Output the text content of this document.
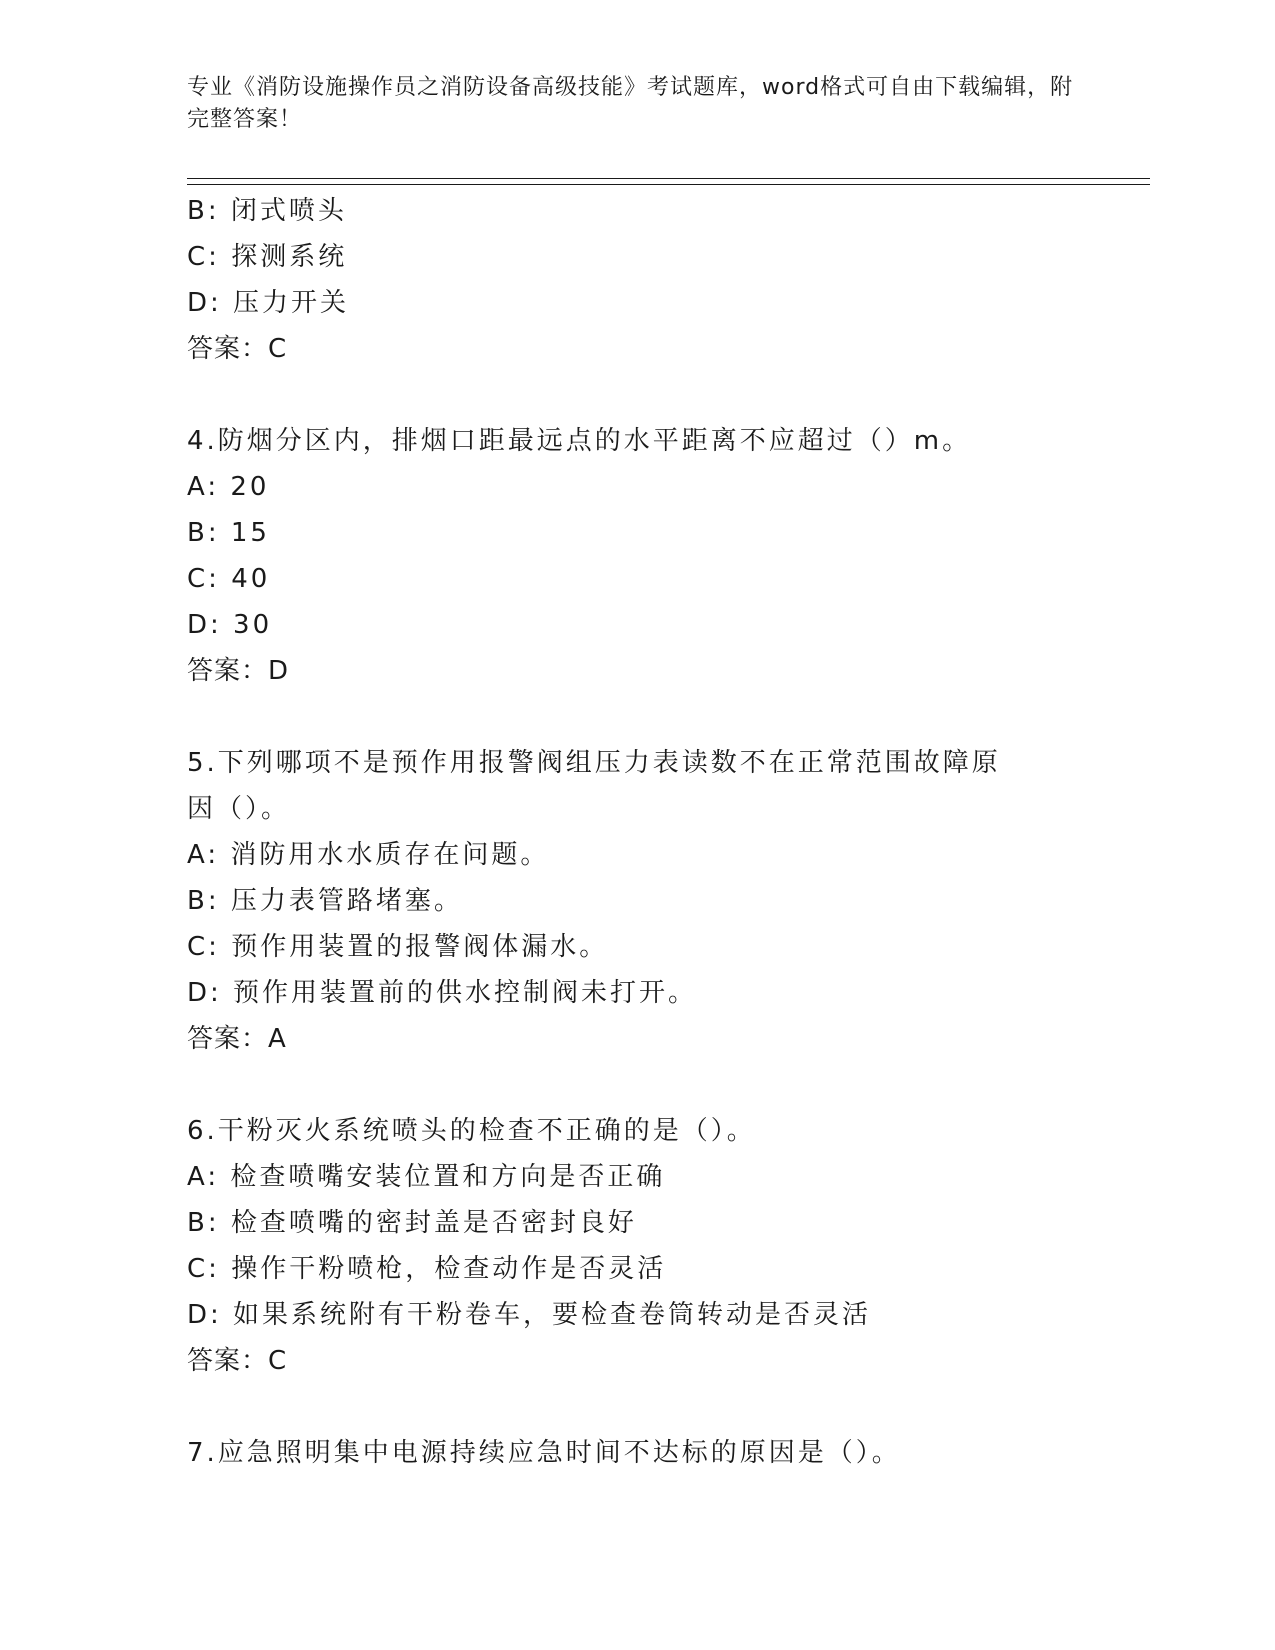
专业《消防设施操作员之消防设备高级技能》考试题库，word格式可自由下载编辑，附完整答案！
B: 闭式喷头
C: 探测系统
D: 压力开关
答案：C
4.防烟分区内，排烟口距最远点的水平距离不应超过（）m。
A: 20
B: 15
C: 40
D: 30
答案：D
5.下列哪项不是预作用报警阀组压力表读数不在正常范围故障原因（）。
A: 消防用水水质存在问题。
B: 压力表管路堵塞。
C: 预作用装置的报警阀体漏水。
D: 预作用装置前的供水控制阀未打开。
答案：A
6.干粉灭火系统喷头的检查不正确的是（）。
A: 检查喷嘴安装位置和方向是否正确
B: 检查喷嘴的密封盖是否密封良好
C: 操作干粉喷枪，检查动作是否灵活
D: 如果系统附有干粉卷车，要检查卷筒转动是否灵活
答案：C
7.应急照明集中电源持续应急时间不达标的原因是（）。
